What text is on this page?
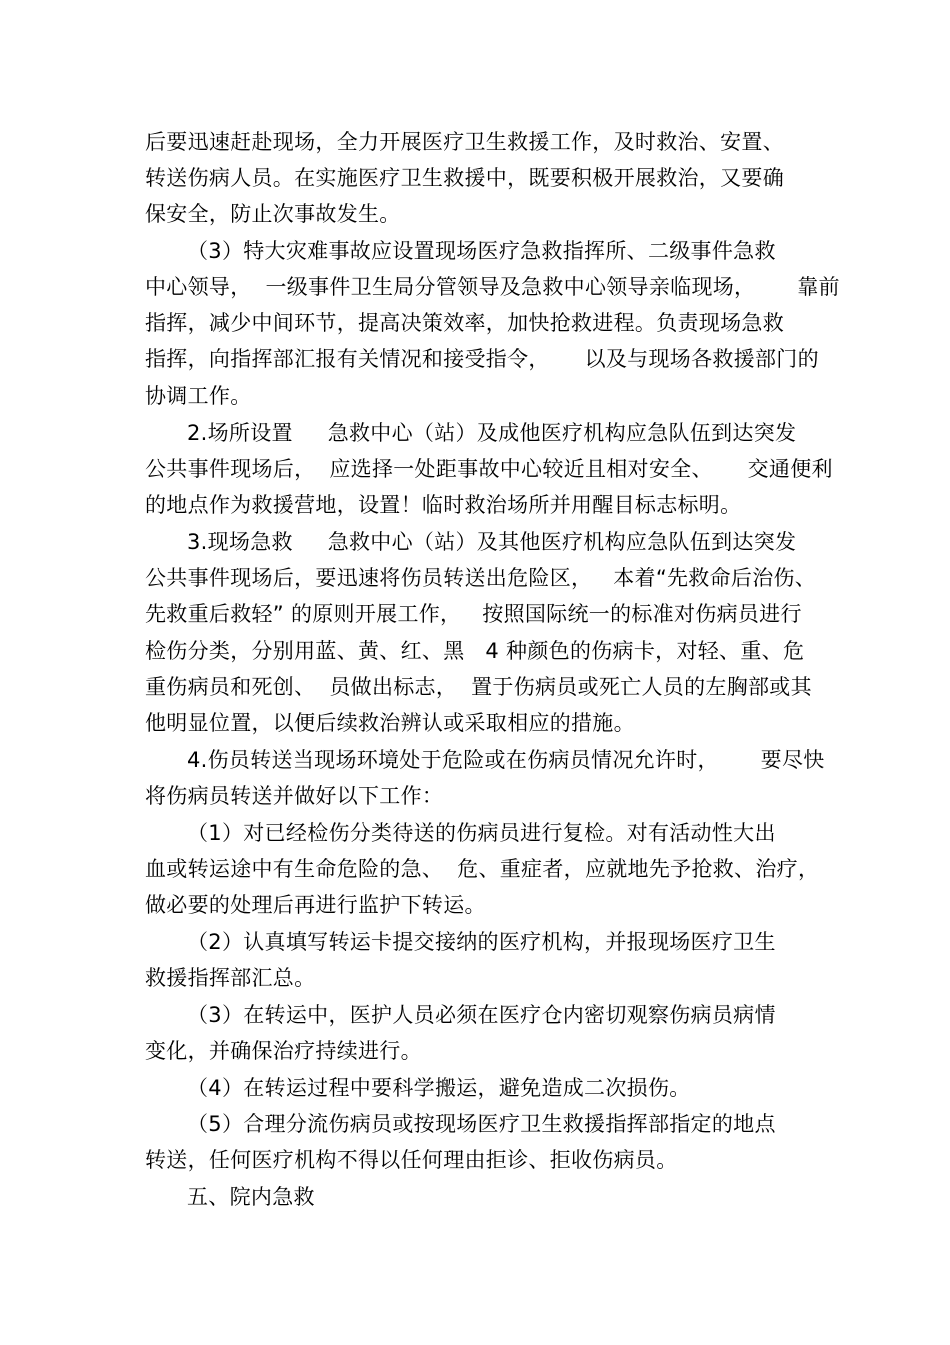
后要迅速赶赴现场，全力开展医疗卫生救援工作，及时救治、安置、
转送伤病人员。在实施医疗卫生救援中，既要积极开展救治，又要确
保安全，防止次事故发生。
（3）特大灾难事故应设置现场医疗急救指挥所、二级事件急救
中心领导，  一级事件卫生局分管领导及急救中心领导亲临现场，      靠前
指挥，减少中间环节，提高决策效率，加快抢救进程。负责现场急救
指挥，向指挥部汇报有关情况和接受指令，     以及与现场各救援部门的
协调工作。
2.场所设置     急救中心（站）及成他医疗机构应急队伍到达突发
公共事件现场后，  应选择一处距事故中心较近且相对安全、     交通便利
的地点作为救援营地，设置！临时救治场所并用醒目标志标明。
3.现场急救     急救中心（站）及其他医疗机构应急队伍到达突发
公共事件现场后，要迅速将伤员转送出危险区，   本着“先救命后治伤、
先救重后救轻” 的原则开展工作，   按照国际统一的标准对伤病员进行
检伤分类，分别用蓝、黄、红、黑   4 种颜色的伤病卡，对轻、重、危
重伤病员和死创、  员做出标志，  置于伤病员或死亡人员的左胸部或其
他明显位置，以便后续救治辨认或采取相应的措施。
4.伤员转送当现场环境处于危险或在伤病员情况允许时，      要尽快
将伤病员转送并做好以下工作：
（1）对已经检伤分类待送的伤病员进行复检。对有活动性大出
血或转运途中有生命危险的急、  危、重症者，应就地先予抢救、治疗，
做必要的处理后再进行监护下转运。
（2）认真填写转运卡提交接纳的医疗机构，并报现场医疗卫生
救援指挥部汇总。
（3）在转运中，医护人员必须在医疗仓内密切观察伤病员病情
变化，并确保治疗持续进行。
（4）在转运过程中要科学搬运，避免造成二次损伤。
（5）合理分流伤病员或按现场医疗卫生救援指挥部指定的地点
转送，任何医疗机构不得以任何理由拒诊、拒收伤病员。
五、院内急救
